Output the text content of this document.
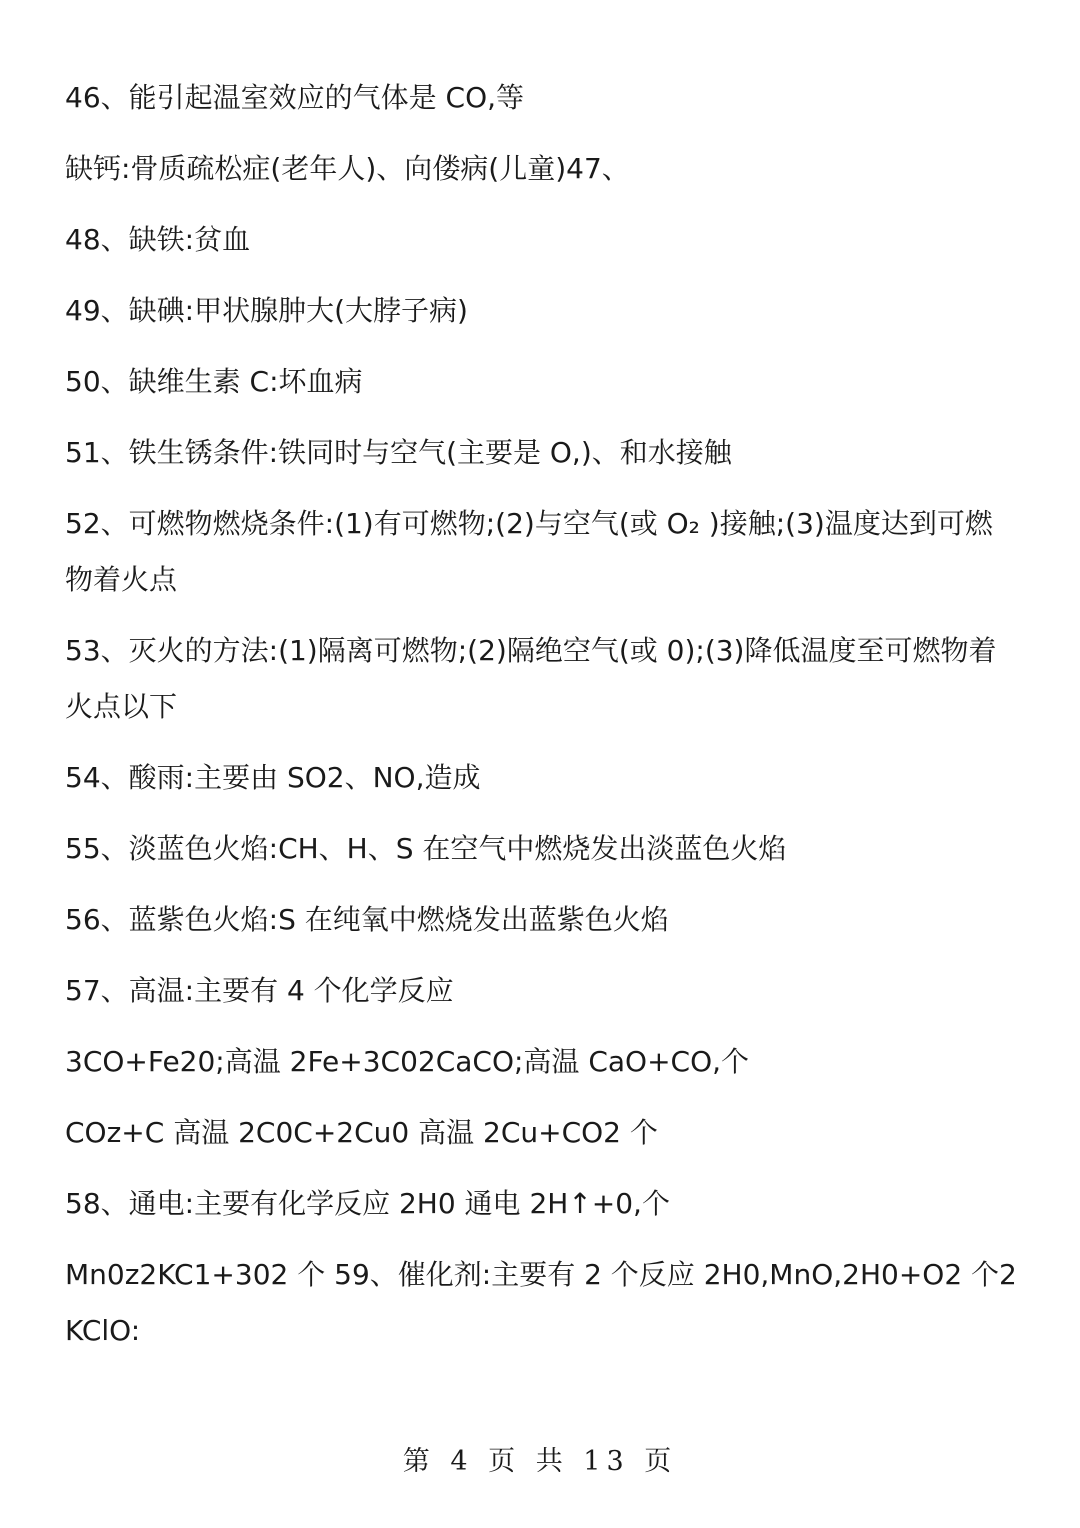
46、能引起温室效应的气体是 CO,等
缺钙:骨质疏松症(老年人)、向偻病(儿童)47、
48、缺铁:贫血
49、缺碘:甲状腺肿大(大脖子病)
50、缺维生素 C:坏血病
51、铁生锈条件:铁同时与空气(主要是 O,)、和水接触
52、可燃物燃烧条件:(1)有可燃物;(2)与空气(或 O₂ )接触;(3)温度达到可燃物着火点
53、灭火的方法:(1)隔离可燃物;(2)隔绝空气(或 0);(3)降低温度至可燃物着火点以下
54、酸雨:主要由 SO2、NO,造成
55、淡蓝色火焰:CH、H、S 在空气中燃烧发出淡蓝色火焰
56、蓝紫色火焰:S 在纯氧中燃烧发出蓝紫色火焰
57、高温:主要有 4 个化学反应
3CO+Fe20;高温 2Fe+3C02CaCO;高温 CaO+CO,个
COz+C 高温 2C0C+2Cu0 高温 2Cu+CO2 个
58、通电:主要有化学反应 2H0 通电 2H↑+0,个
Mn0z2KC1+302 个 59、催化剂:主要有 2 个反应 2H0,MnO,2H0+O2 个2KClO:
第 4 页 共 13 页
